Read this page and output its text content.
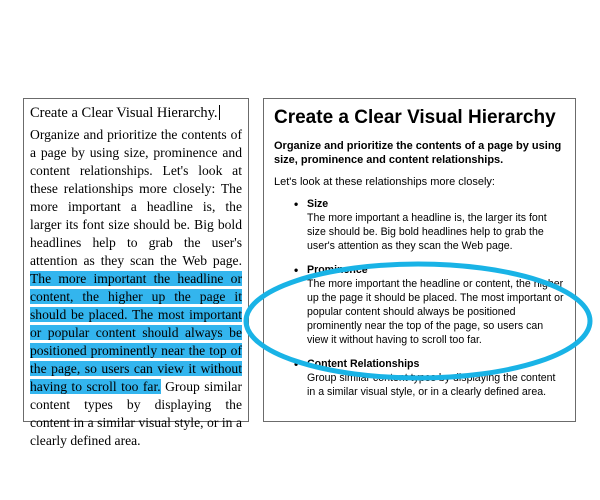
Create a Clear Visual Hierarchy.

Organize and prioritize the contents of a page by using size, prominence and content relationships. Let's look at these relationships more closely: The more important a headline is, the larger its font size should be. Big bold headlines help to grab the user's attention as they scan the Web page. The more important the headline or content, the higher up the page it should be placed. The most important or popular content should always be positioned prominently near the top of the page, so users can view it without having to scroll too far. Group similar content types by displaying the content in a similar visual style, or in a clearly defined area.

Create a Clear Visual Hierarchy

Organize and prioritize the contents of a page by using size, prominence and content relationships.

Let's look at these relationships more closely:

• Size
The more important a headline is, the larger its font size should be. Big bold headlines help to grab the user's attention as they scan the Web page.
• Prominence
The more important the headline or content, the higher up the page it should be placed. The most important or popular content should always be positioned prominently near the top of the page, so users can view it without having to scroll too far.
• Content Relationships
Group similar content types by displaying the content in a similar visual style, or in a clearly defined area.
